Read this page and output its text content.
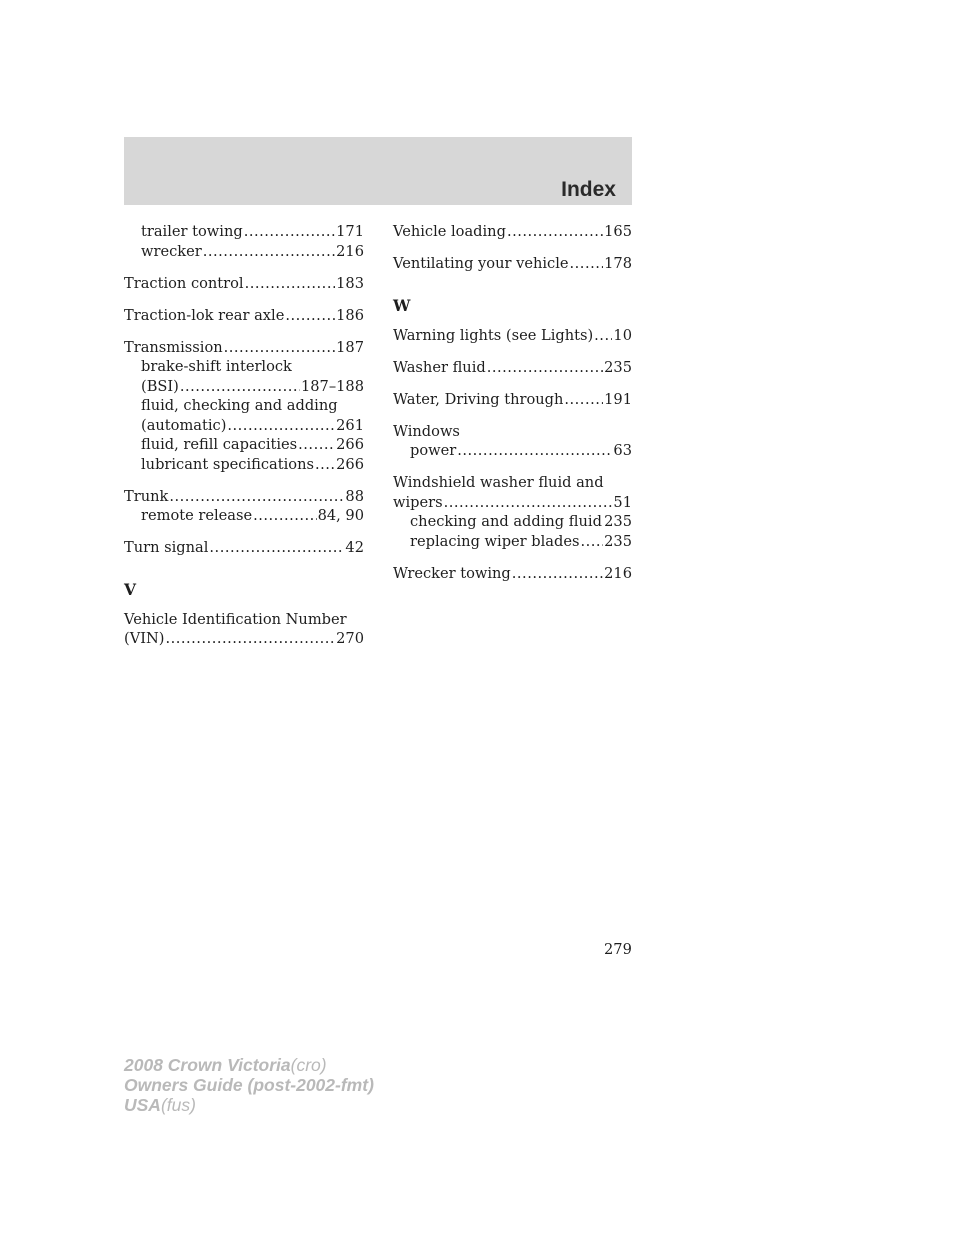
Index
trailer towing .....	171
wrecker .....	216
Traction control .....	183
Traction-lok rear axle .....	186
Transmission .....	187
brake-shift interlock
(BSI) .....	187–188
fluid, checking and adding
(automatic) .....	261
fluid, refill capacities .....	266
lubricant specifications ..... 266
Trunk .....	88
remote release .....	84, 90
Turn signal .....	42
V
Vehicle Identification Number
(VIN) .....	270
Vehicle loading .....	165
Ventilating your vehicle ..... 178
W
Warning lights (see Lights) ..... 10
Washer fluid .....	235
Water, Driving through .....	191
Windows
power .....	63
Windshield washer fluid and
wipers .....	51
checking and adding fluid ..... 235
replacing wiper blades ..... 235
Wrecker towing .....	216
279
2008 Crown Victoria(cro)
Owners Guide (post-2002-fmt)
USA(fus)
